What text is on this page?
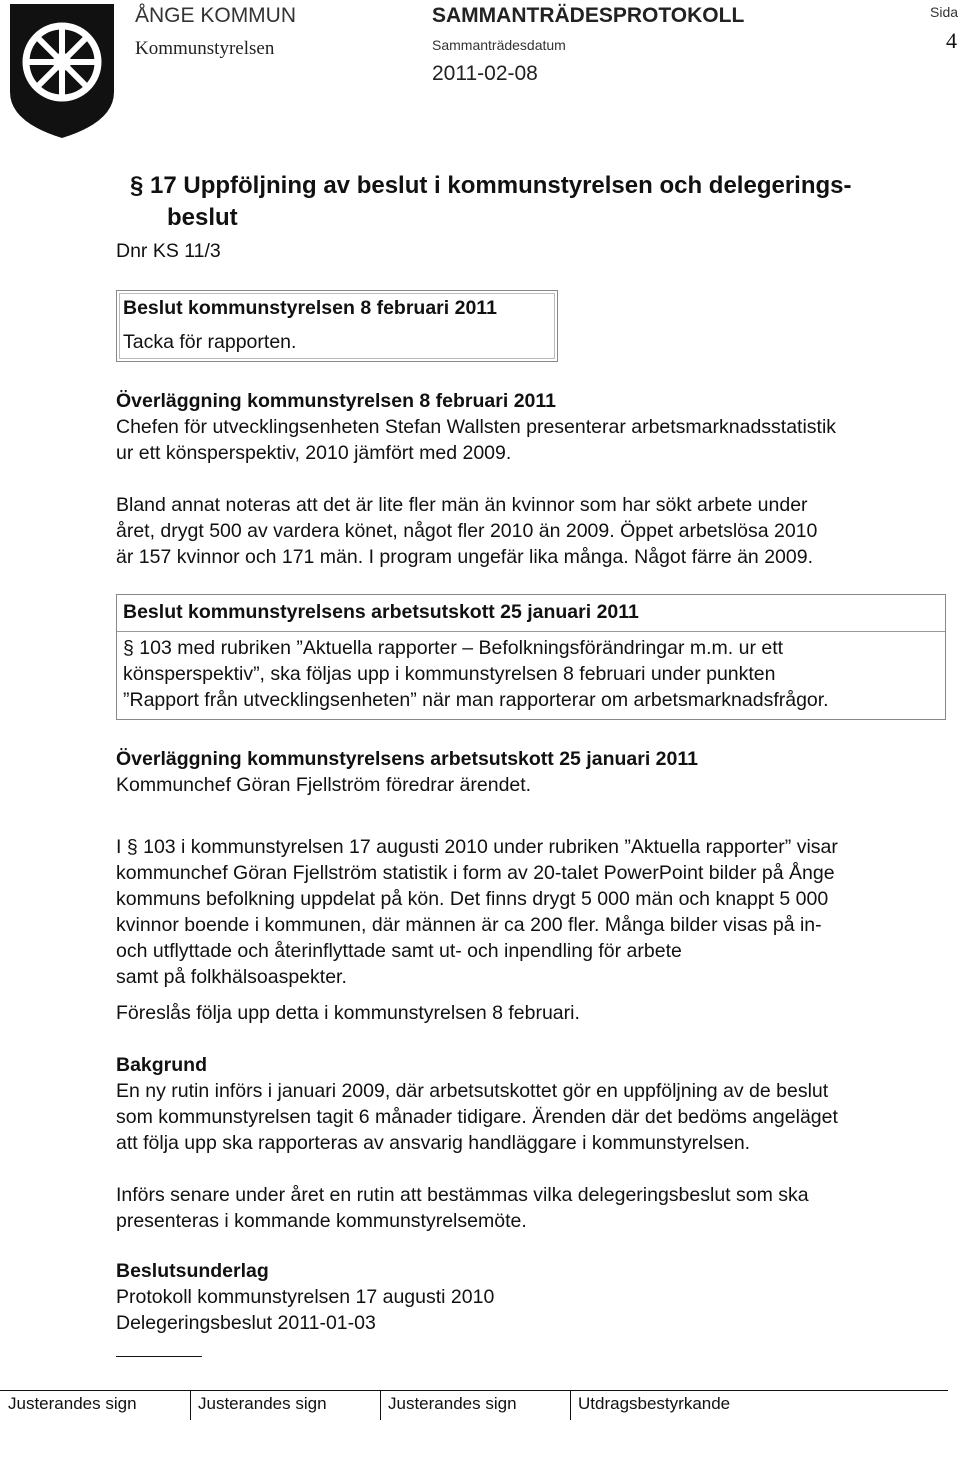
ÅNGE KOMMUN
Kommunstyrelsen
SAMMANTRÄDESPROTOKOLL
Sammanträdesdatum
2011-02-08
Sida
4
§ 17 Uppföljning av beslut i kommunstyrelsen och delegerings-
beslut
Dnr KS 11/3
Beslut kommunstyrelsen 8 februari 2011
Tacka för rapporten.
Överläggning kommunstyrelsen 8 februari 2011
Chefen för utvecklingsenheten Stefan Wallsten presenterar arbetsmarknadsstatistik
ur ett könsperspektiv, 2010 jämfört med 2009.
Bland annat noteras att det är lite fler män än kvinnor som har sökt arbete under
året, drygt 500 av vardera könet, något fler 2010 än 2009. Öppet arbetslösa 2010
är 157 kvinnor och 171 män. I program ungefär lika många. Något färre än 2009.
Beslut kommunstyrelsens arbetsutskott 25 januari 2011
§ 103 med rubriken ”Aktuella rapporter – Befolkningsförändringar m.m. ur ett
könsperspektiv”, ska följas upp i kommunstyrelsen 8 februari under punkten
”Rapport från utvecklingsenheten” när man rapporterar om arbetsmarknadsfrågor.
Överläggning kommunstyrelsens arbetsutskott 25 januari 2011
Kommunchef Göran Fjellström föredrar ärendet.
I § 103 i kommunstyrelsen 17 augusti 2010 under rubriken ”Aktuella rapporter” visar
kommunchef Göran Fjellström statistik i form av 20-talet PowerPoint bilder på Ånge
kommuns befolkning uppdelat på kön. Det finns drygt 5 000 män och knappt 5 000
kvinnor boende i kommunen, där männen är ca 200 fler. Många bilder visas på in-
och utflyttade och återinflyttade samt ut- och inpendling för arbete
samt på folkhälsoaspekter.
Föreslås följa upp detta i kommunstyrelsen 8 februari.
Bakgrund
En ny rutin införs i januari 2009, där arbetsutskottet gör en uppföljning av de beslut
som kommunstyrelsen tagit 6 månader tidigare. Ärenden där det bedöms angeläget
att följa upp ska rapporteras av ansvarig handläggare i kommunstyrelsen.
Införs senare under året en rutin att bestämmas vilka delegeringsbeslut som ska
presenteras i kommande kommunstyrelsemöte.
Beslutsunderlag
Protokoll kommunstyrelsen 17 augusti 2010
Delegeringsbeslut 2011-01-03
Justerandes sign	Justerandes sign	Justerandes sign	Utdragsbestyrkande
